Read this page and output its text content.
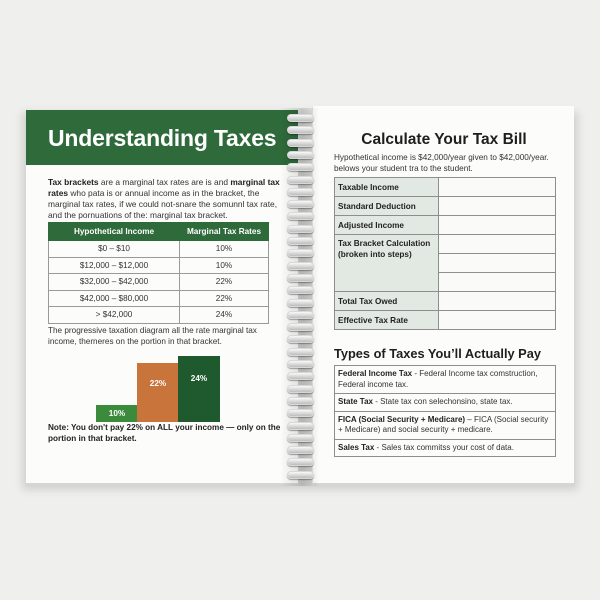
Understanding Taxes

Tax brackets are a marginal tax rates are is and marginal tax rates who pata is or annual income as in the bracket, the marginal tax rates, if we could not-snare the somunnl tax rate, and the pornuations of the: marginal tax bracket.

Hypothetical Income	Marginal Tax Rates
$0 – $10	10%
$12,000 – $12,000	10%
$32,000 – $42,000	22%
$42,000 – $80,000	22%
> $42,000	24%

The progressive taxation diagram all the rate marginal tax income, therneres on the portion in that bracket.

10%
22%
24%

Note: You don't pay 22% on ALL your income — only on the portion in that bracket.

Calculate Your Tax Bill

Hypothetical income is $42,000/year given to $42,000/year. belows your student tra to the student.

Taxable Income	
Standard Deduction	
Adjusted Income	
Tax Bracket Calculation (broken into steps)	

Total Tax Owed	
Effective Tax Rate	
Types of Taxes You’ll Actually Pay
Federal Income Tax - Federal Income tax comstruction, Federal income tax.
State Tax - State tax con selechonsino, state tax.
FICA (Social Security + Medicare) – FICA (Social security + Medicare) and social security + medicare.
Sales Tax - Sales tax commitss your cost of data.
